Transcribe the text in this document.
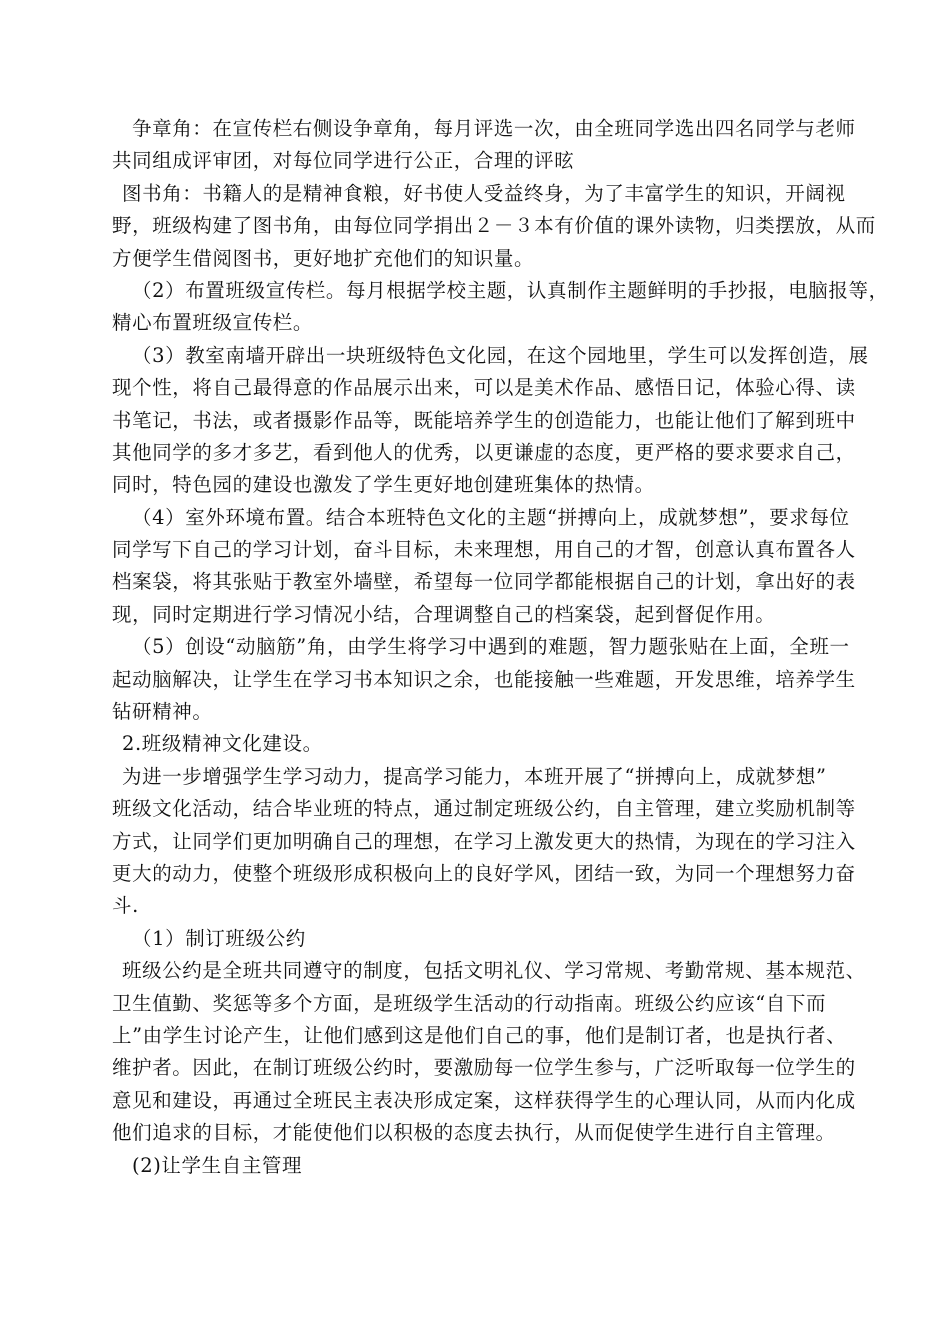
争章角：在宣传栏右侧设争章角，每月评选一次，由全班同学选出四名同学与老师
共同组成评审团，对每位同学进行公正，合理的评昡
图书角：书籍人的是精神食粮，好书使人受益终身，为了丰富学生的知识，开阔视
野，班级构建了图书角，由每位同学捐出２－３本有价值的课外读物，归类摆放，从而
方便学生借阅图书，更好地扩充他们的知识量。
（2）布置班级宣传栏。每月根据学校主题，认真制作主题鲜明的手抄报，电脑报等，
精心布置班级宣传栏。
（3）教室南墙开辟出一块班级特色文化园，在这个园地里，学生可以发挥创造，展
现个性，将自己最得意的作品展示出来，可以是美术作品、感悟日记，体验心得、读
书笔记，书法，或者摄影作品等，既能培养学生的创造能力，也能让他们了解到班中
其他同学的多才多艺，看到他人的优秀，以更谦虚的态度，更严格的要求要求自己，
同时，特色园的建设也激发了学生更好地创建班集体的热情。
（4）室外环境布置。结合本班特色文化的主题“拼搏向上，成就梦想”，要求每位
同学写下自己的学习计划，奋斗目标，未来理想，用自己的才智，创意认真布置各人
档案袋，将其张贴于教室外墙壁，希望每一位同学都能根据自己的计划，拿出好的表
现，同时定期进行学习情况小结，合理调整自己的档案袋，起到督促作用。
（5）创设“动脑筋”角，由学生将学习中遇到的难题，智力题张贴在上面，全班一
起动脑解决，让学生在学习书本知识之余，也能接触一些难题，开发思维，培养学生
钻研精神。
2.班级精神文化建设。
为进一步增强学生学习动力，提高学习能力，本班开展了“拼搏向上，成就梦想”
班级文化活动，结合毕业班的特点，通过制定班级公约，自主管理，建立奖励机制等
方式，让同学们更加明确自己的理想，在学习上激发更大的热情，为现在的学习注入
更大的动力，使整个班级形成积极向上的良好学风，团结一致，为同一个理想努力奋
斗.
（1）制订班级公约
班级公约是全班共同遵守的制度，包括文明礼仪、学习常规、考勤常规、基本规范、
卫生值勤、奖惩等多个方面，是班级学生活动的行动指南。班级公约应该“自下而
上”由学生讨论产生，让他们感到这是他们自己的事，他们是制订者，也是执行者、
维护者。因此，在制订班级公约时，要激励每一位学生参与，广泛听取每一位学生的
意见和建设，再通过全班民主表决形成定案，这样获得学生的心理认同，从而内化成
他们追求的目标，才能使他们以积极的态度去执行，从而促使学生进行自主管理。
(2)让学生自主管理
